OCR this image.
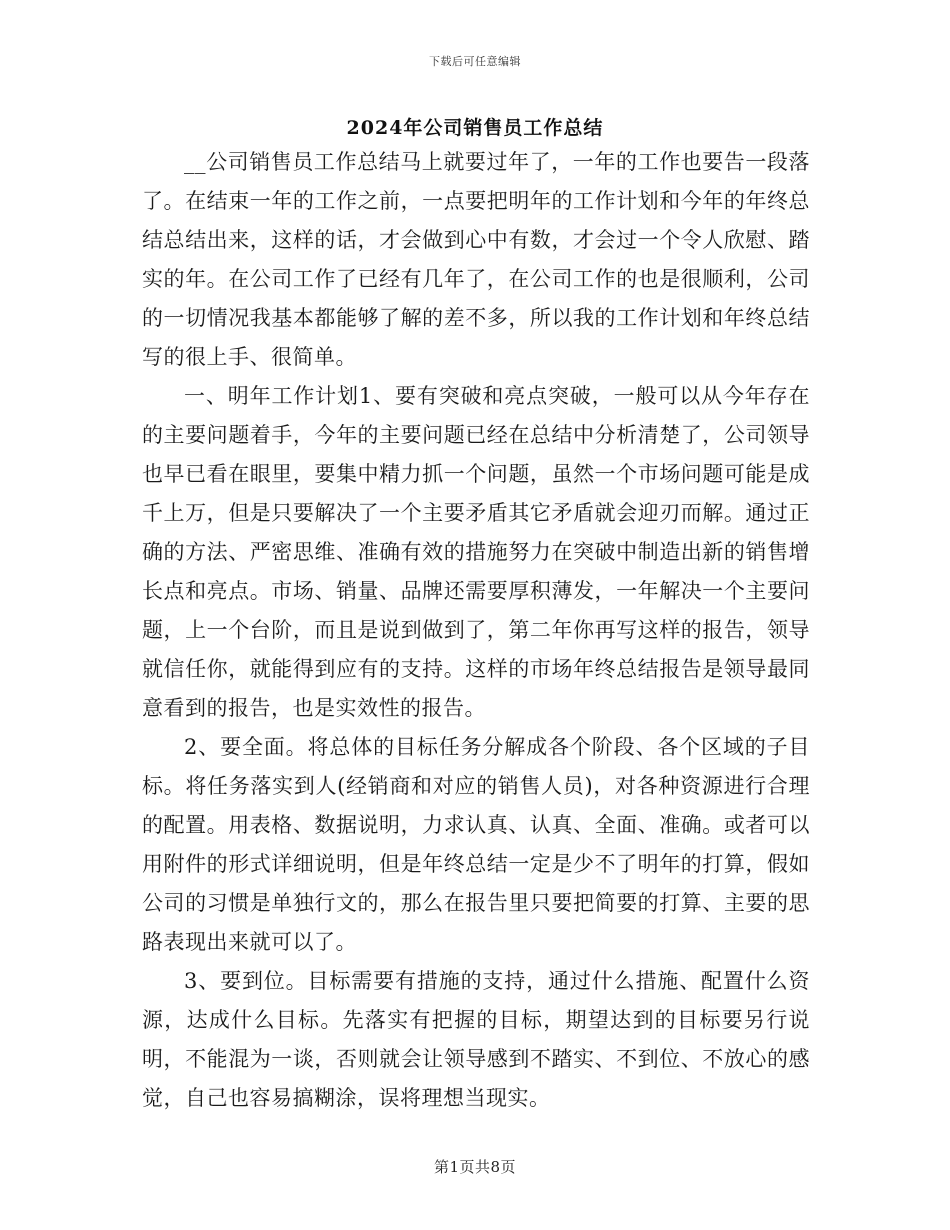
下载后可任意编辑
2024年公司销售员工作总结

__公司销售员工作总结马上就要过年了，一年的工作也要告一段落了。在结束一年的工作之前，一点要把明年的工作计划和今年的年终总结总结出来，这样的话，才会做到心中有数，才会过一个令人欣慰、踏实的年。在公司工作了已经有几年了，在公司工作的也是很顺利，公司的一切情况我基本都能够了解的差不多，所以我的工作计划和年终总结写的很上手、很简单。

一、明年工作计划1、要有突破和亮点突破，一般可以从今年存在的主要问题着手，今年的主要问题已经在总结中分析清楚了，公司领导也早已看在眼里，要集中精力抓一个问题，虽然一个市场问题可能是成千上万，但是只要解决了一个主要矛盾其它矛盾就会迎刃而解。通过正确的方法、严密思维、准确有效的措施努力在突破中制造出新的销售增长点和亮点。市场、销量、品牌还需要厚积薄发，一年解决一个主要问题，上一个台阶，而且是说到做到了，第二年你再写这样的报告，领导就信任你，就能得到应有的支持。这样的市场年终总结报告是领导最同意看到的报告，也是实效性的报告。

2、要全面。将总体的目标任务分解成各个阶段、各个区域的子目标。将任务落实到人(经销商和对应的销售人员)，对各种资源进行合理的配置。用表格、数据说明，力求认真、认真、全面、准确。或者可以用附件的形式详细说明，但是年终总结一定是少不了明年的打算，假如公司的习惯是单独行文的，那么在报告里只要把简要的打算、主要的思路表现出来就可以了。

3、要到位。目标需要有措施的支持，通过什么措施、配置什么资源，达成什么目标。先落实有把握的目标，期望达到的目标要另行说明，不能混为一谈，否则就会让领导感到不踏实、不到位、不放心的感觉，自己也容易搞糊涂，误将理想当现实。

第1页共8页
